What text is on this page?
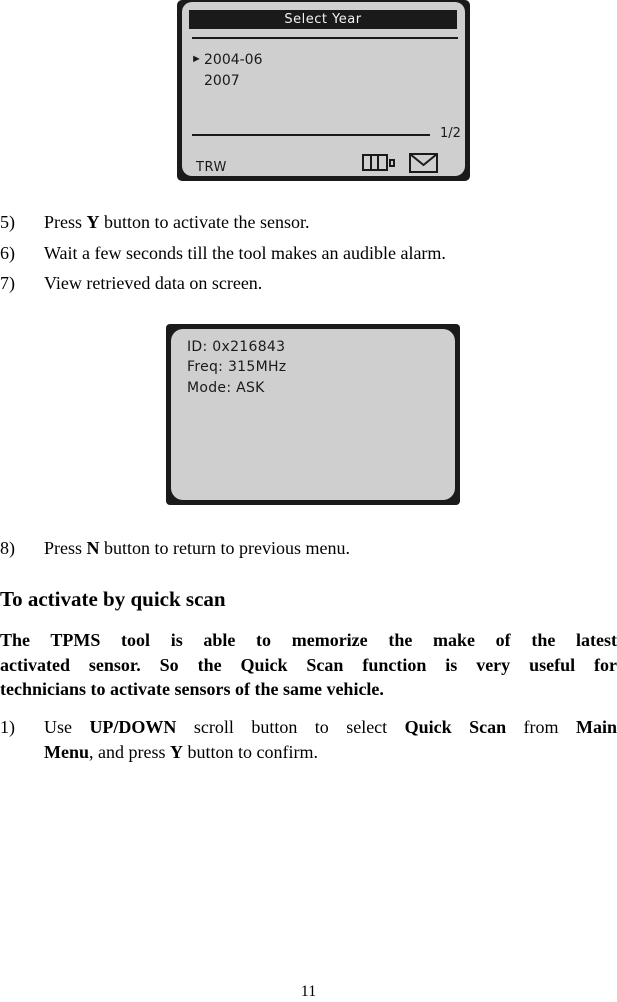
Select Year
► 2004-06
2007
1/2
TRW
5) Press Y button to activate the sensor.
6) Wait a few seconds till the tool makes an audible alarm.
7) View retrieved data on screen.
ID: 0x216843
Freq: 315MHz
Mode: ASK
8) Press N button to return to previous menu.
To activate by quick scan
The TPMS tool is able to memorize the make of the latest
activated sensor. So the Quick Scan function is very useful for
technicians to activate sensors of the same vehicle.
1) Use UP/DOWN scroll button to select Quick Scan from Main
Menu, and press Y button to confirm.
11
